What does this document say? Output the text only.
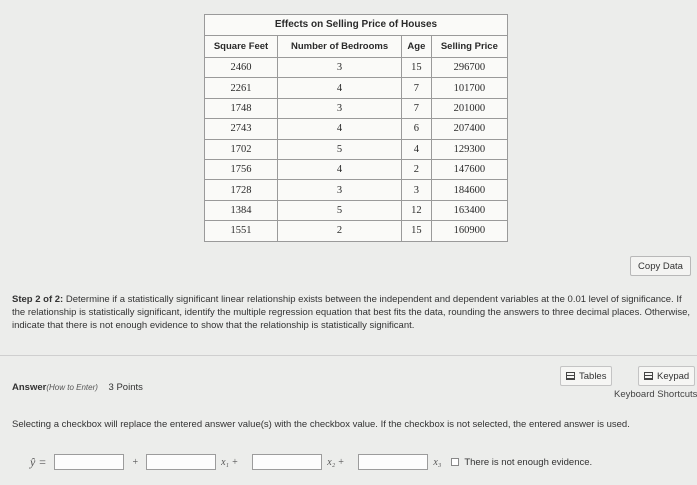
Effects on Selling Price of Houses
Square Feet	Number of Bedrooms	Age	Selling Price
2460	3	15	296700
2261	4	7	101700
1748	3	7	201000
2743	4	6	207400
1702	5	4	129300
1756	4	2	147600
1728	3	3	184600
1384	5	12	163400
1551	2	15	160900
Copy Data

Step 2 of 2: Determine if a statistically significant linear relationship exists between the independent and dependent variables at the 0.01 level of significance. If the relationship is statistically significant, identify the multiple regression equation that best fits the data, rounding the answers to three decimal places. Otherwise, indicate that there is not enough evidence to show that the relationship is statistically significant.

Answer(How to Enter) 3 Points
Tables	Keypad
Keyboard Shortcuts
Selecting a checkbox will replace the entered answer value(s) with the checkbox value. If the checkbox is not selected, the entered answer is used.
ŷ =	+	x₁ +	x₂ +	x₃ There is not enough evidence.
